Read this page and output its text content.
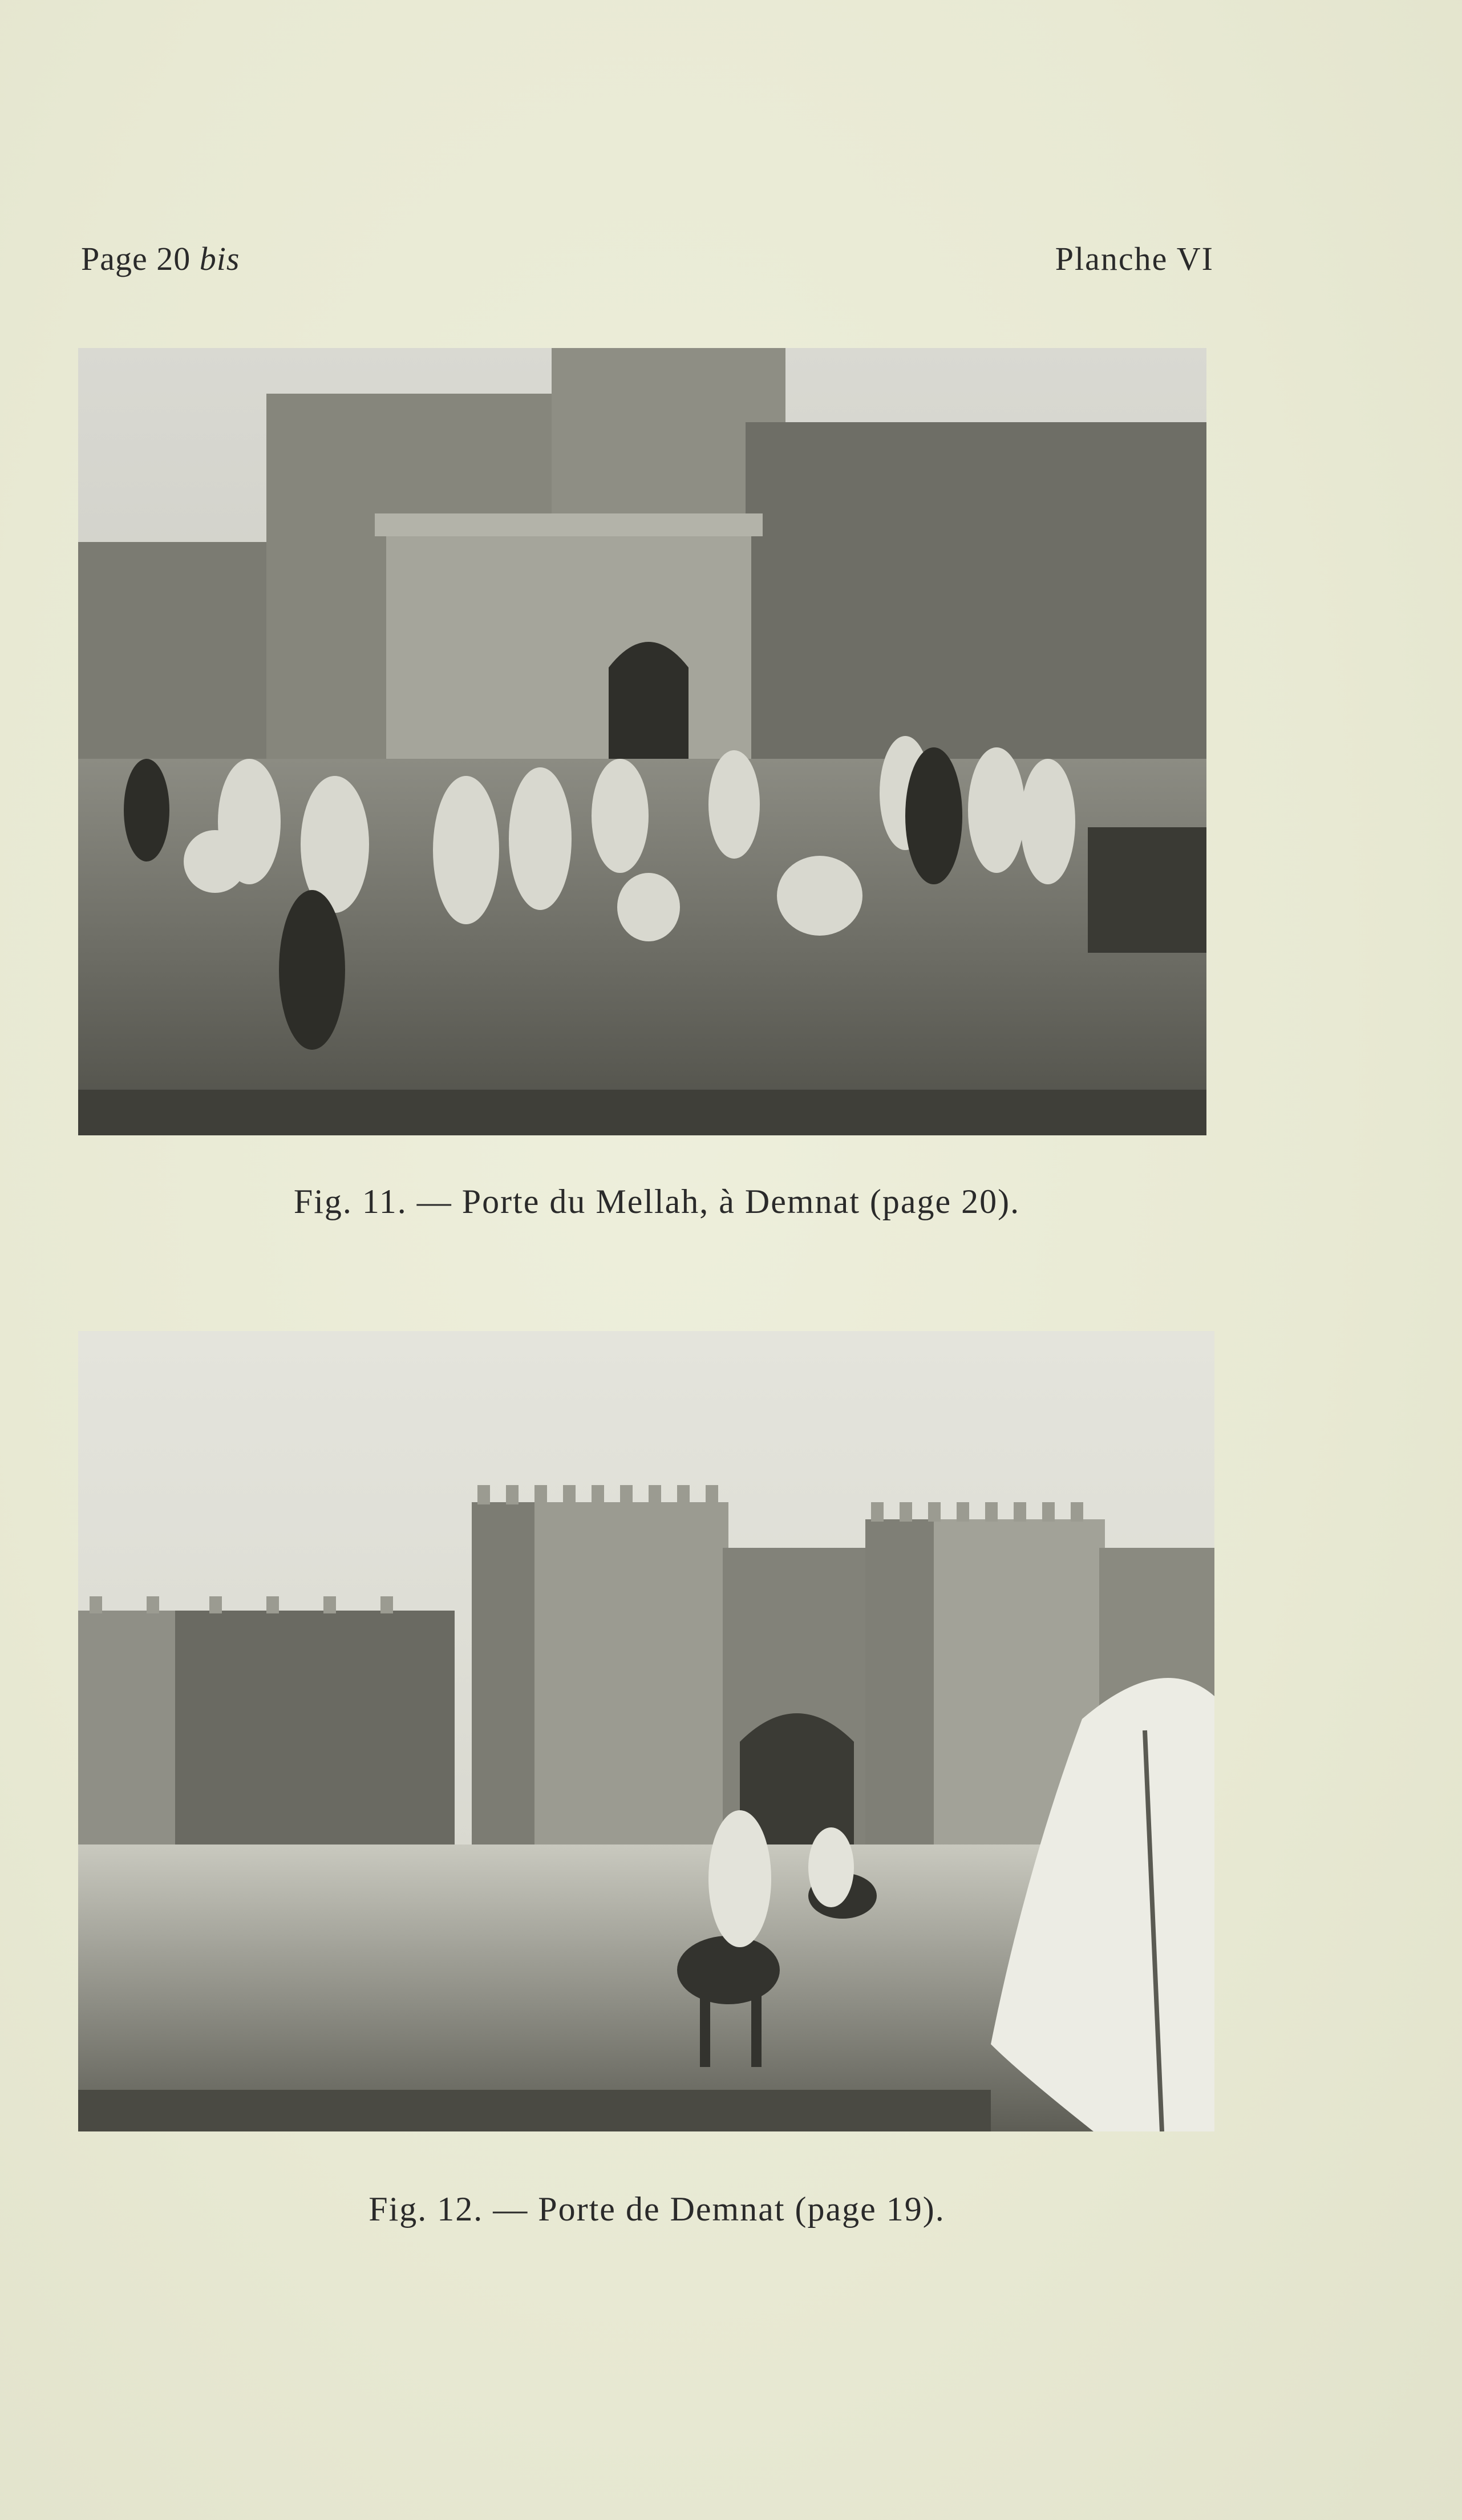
Page 20 bis	Planche VI
Fig. 11. — Porte du Mellah, à Demnat (page 20).
Fig. 12. — Porte de Demnat (page 19).
